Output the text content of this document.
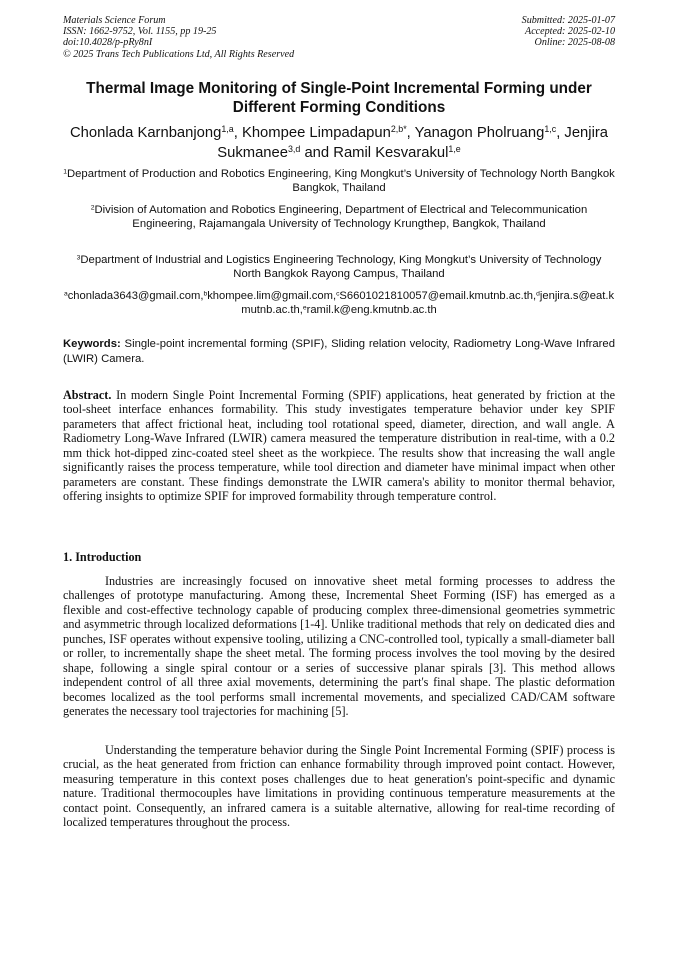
Materials Science Forum
ISSN: 1662-9752, Vol. 1155, pp 19-25
doi:10.4028/p-pRy8nI
© 2025 Trans Tech Publications Ltd, All Rights Reserved
Submitted: 2025-01-07
Accepted: 2025-02-10
Online: 2025-08-08
Thermal Image Monitoring of Single-Point Incremental Forming under Different Forming Conditions
Chonlada Karnbanjong$^{1,a}$, Khompee Limpadapun$^{2,b*}$, Yanagon Pholruang$^{1,c}$, Jenjira Sukmanee$^{3,d}$ and Ramil Kesvarakul$^{1,e}$
$^1$Department of Production and Robotics Engineering, King Mongkut’s University of Technology North Bangkok Bangkok, Thailand
$^2$Division of Automation and Robotics Engineering, Department of Electrical and Telecommunication Engineering, Rajamangala University of Technology Krungthep, Bangkok, Thailand
$^3$Department of Industrial and Logistics Engineering Technology, King Mongkut’s University of Technology North Bangkok Rayong Campus, Thailand
$^a$chonlada3643@gmail.com,$^b$khompee.lim@gmail.com,$^c$S6601021810057@email.kmutnb.ac.th,$^d$jenjira.s@eat.kmutnb.ac.th,$^e$ramil.k@eng.kmutnb.ac.th
Keywords: Single-point incremental forming (SPIF), Sliding relation velocity, Radiometry Long-Wave Infrared (LWIR) Camera.
Abstract. In modern Single Point Incremental Forming (SPIF) applications, heat generated by friction at the tool-sheet interface enhances formability. This study investigates temperature behavior under key SPIF parameters that affect frictional heat, including tool rotational speed, diameter, direction, and wall angle. A Radiometry Long-Wave Infrared (LWIR) camera measured the temperature distribution in real-time, with a 0.2 mm thick hot-dipped zinc-coated steel sheet as the workpiece. The results show that increasing the wall angle significantly raises the process temperature, while tool direction and diameter have minimal impact when other parameters are constant. These findings demonstrate the LWIR camera's ability to monitor thermal behavior, offering insights to optimize SPIF for improved formability through temperature control.
1. Introduction

Industries are increasingly focused on innovative sheet metal forming processes to address the challenges of prototype manufacturing. Among these, Incremental Sheet Forming (ISF) has emerged as a flexible and cost-effective technology capable of producing complex three-dimensional geometries symmetric and asymmetric through localized deformations [1-4]. Unlike traditional methods that rely on dedicated dies and punches, ISF operates without expensive tooling, utilizing a CNC-controlled tool, typically a small-diameter ball or roller, to incrementally shape the sheet metal. The forming process involves the tool moving by the desired shape, following a single spiral contour or a series of successive planar spirals [3]. This method allows independent control of all three axial movements, determining the part's final shape. The plastic deformation becomes localized as the tool performs small incremental movements, and specialized CAD/CAM software generates the necessary tool trajectories for machining [5].

Understanding the temperature behavior during the Single Point Incremental Forming (SPIF) process is crucial, as the heat generated from friction can enhance formability through improved point contact. However, measuring temperature in this context poses challenges due to heat generation's point-specific and dynamic nature. Traditional thermocouples have limitations in providing continuous temperature measurements at the contact point. Consequently, an infrared camera is a suitable alternative, allowing for real-time recording of localized temperatures throughout the process.
